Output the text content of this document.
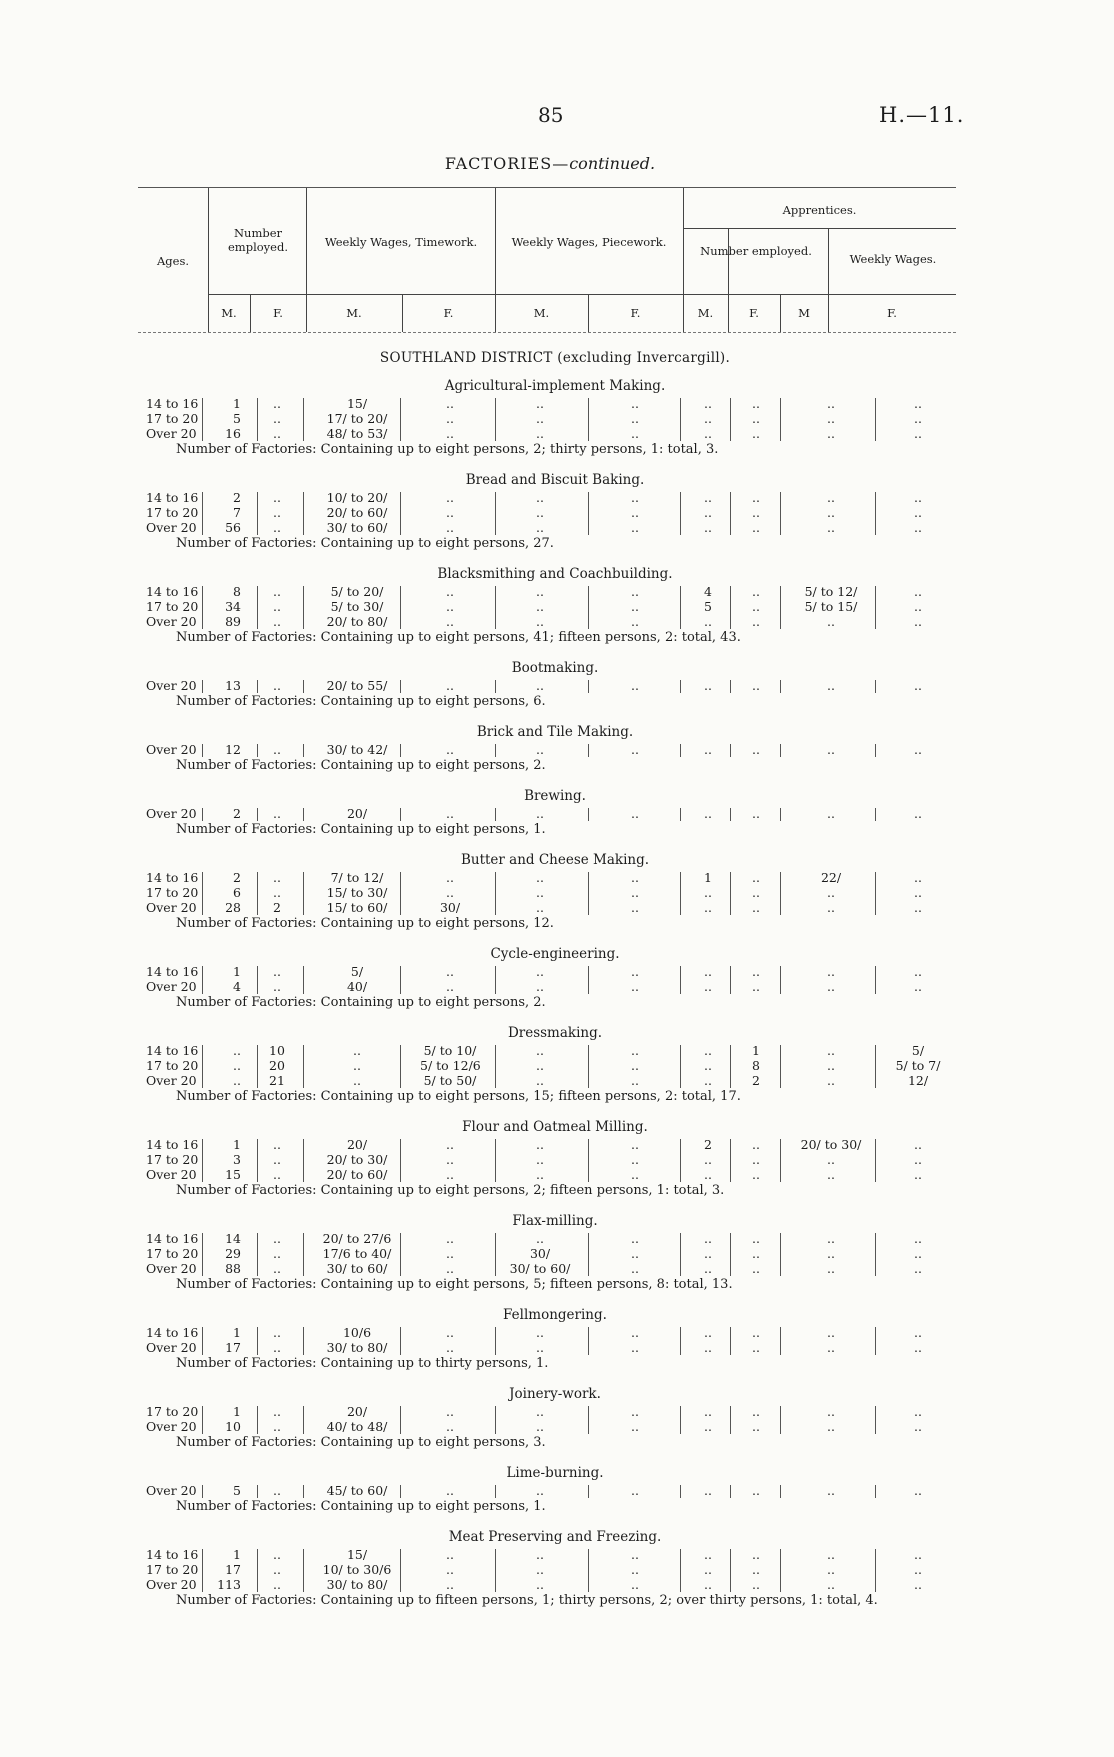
85	H.—11.
FACTORIES—continued.
Ages.
Number employed.	Weekly Wages, Timework.	Weekly Wages, Piecework.
Apprentices.
Number employed.
Weekly Wages.
M.	F.	M.	F.	M.	F.	M.	F.	M	F.
SOUTHLAND DISTRICT (excluding Invercargill).
Agricultural-implement Making.
14 to 16	1	..	15/	..	..	..	..	..	..	..
17 to 20	5	..	17/ to 20/	..	..	..	..	..	..	..
Over 20	16	..	48/ to 53/	..	..	..	..	..	..	..
Number of Factories: Containing up to eight persons, 2; thirty persons, 1: total, 3.
Bread and Biscuit Baking.
14 to 16	2	..	10/ to 20/	..	..	..	..	..	..	..
17 to 20	7	..	20/ to 60/	..	..	..	..	..	..	..
Over 20	56	..	30/ to 60/	..	..	..	..	..	..	..
Number of Factories: Containing up to eight persons, 27.
Blacksmithing and Coachbuilding.
14 to 16	8	..	5/ to 20/	..	..	..	4	..	5/ to 12/	..
17 to 20	34	..	5/ to 30/	..	..	..	5	..	5/ to 15/	..
Over 20	89	..	20/ to 80/	..	..	..	..	..	..	..
Number of Factories: Containing up to eight persons, 41; fifteen persons, 2: total, 43.
Bootmaking.
Over 20	13	..	20/ to 55/	..	..	..	..	..	..	..
Number of Factories: Containing up to eight persons, 6.
Brick and Tile Making.
Over 20	12	..	30/ to 42/	..	..	..	..	..	..	..
Number of Factories: Containing up to eight persons, 2.
Brewing.
Over 20	2	..	20/	..	..	..	..	..	..	..
Number of Factories: Containing up to eight persons, 1.
Butter and Cheese Making.
14 to 16	2	..	7/ to 12/	..	..	..	1	..	22/	..
17 to 20	6	..	15/ to 30/	..	..	..	..	..	..	..
Over 20	28	2	15/ to 60/	30/	..	..	..	..	..	..
Number of Factories: Containing up to eight persons, 12.
Cycle-engineering.
14 to 16	1	..	5/	..	..	..	..	..	..	..
Over 20	4	..	40/	..	..	..	..	..	..	..
Number of Factories: Containing up to eight persons, 2.
Dressmaking.
14 to 16	..	10	..	5/ to 10/	..	..	..	1	..	5/
17 to 20	..	20	..	5/ to 12/6	..	..	..	8	..	5/ to 7/
Over 20	..	21	..	5/ to 50/	..	..	..	2	..	12/
Number of Factories: Containing up to eight persons, 15; fifteen persons, 2: total, 17.
Flour and Oatmeal Milling.
14 to 16	1	..	20/	..	..	..	2	..	20/ to 30/	..
17 to 20	3	..	20/ to 30/	..	..	..	..	..	..	..
Over 20	15	..	20/ to 60/	..	..	..	..	..	..	..
Number of Factories: Containing up to eight persons, 2; fifteen persons, 1: total, 3.
Flax-milling.
14 to 16	14	..	20/ to 27/6	..	..	..	..	..	..	..
17 to 20	29	..	17/6 to 40/	..	30/	..	..	..	..	..
Over 20	88	..	30/ to 60/	..	30/ to 60/	..	..	..	..	..
Number of Factories: Containing up to eight persons, 5; fifteen persons, 8: total, 13.
Fellmongering.
14 to 16	1	..	10/6	..	..	..	..	..	..	..
Over 20	17	..	30/ to 80/	..	..	..	..	..	..	..
Number of Factories: Containing up to thirty persons, 1.
Joinery-work.
17 to 20	1	..	20/	..	..	..	..	..	..	..
Over 20	10	..	40/ to 48/	..	..	..	..	..	..	..
Number of Factories: Containing up to eight persons, 3.
Lime-burning.
Over 20	5	..	45/ to 60/	..	..	..	..	..	..	..
Number of Factories: Containing up to eight persons, 1.
Meat Preserving and Freezing.
14 to 16	1	..	15/	..	..	..	..	..	..	..
17 to 20	17	..	10/ to 30/6	..	..	..	..	..	..	..
Over 20	113	..	30/ to 80/	..	..	..	..	..	..	..
Number of Factories: Containing up to fifteen persons, 1; thirty persons, 2; over thirty persons, 1: total, 4.
